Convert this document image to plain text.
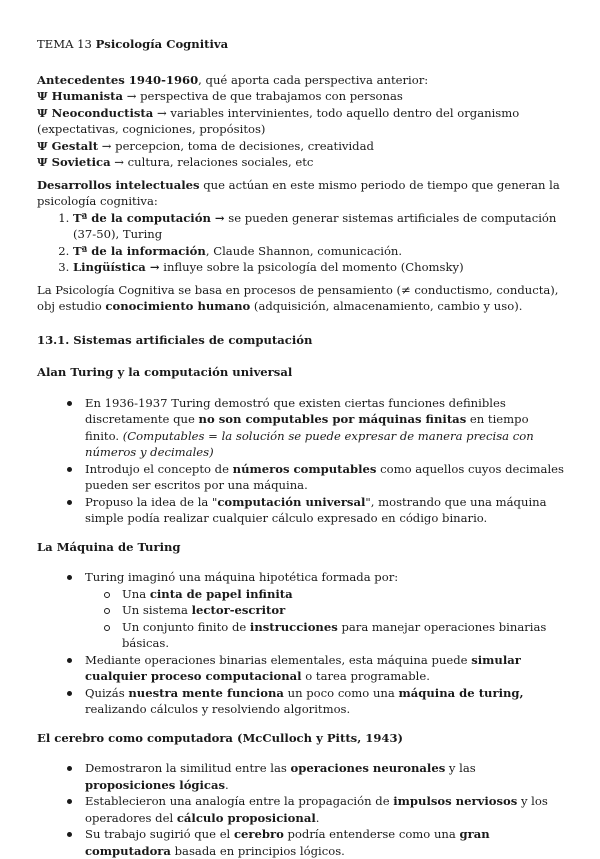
TEMA 13 Psicología Cognitiva

Antecedentes 1940-1960, qué aporta cada perspectiva anterior:

Ψ Humanista → perspectiva de que trabajamos con personas
Ψ Neoconductista → variables intervinientes, todo aquello dentro del organismo (expectativas, cogniciones, propósitos)
Ψ Gestalt → percepcion, toma de decisiones, creatividad
Ψ Sovietica → cultura, relaciones sociales, etc

Desarrollos intelectuales que actúan en este mismo periodo de tiempo que generan la psicología cognitiva:

1. Tª de la computación → se pueden generar sistemas artificiales de computación (37-50), Turing
2. Tª de la información, Claude Shannon, comunicación.
3. Lingüística → influye sobre la psicología del momento (Chomsky)

La Psicología Cognitiva se basa en procesos de pensamiento (≠ conductismo, conducta), obj estudio conocimiento humano (adquisición, almacenamiento, cambio y uso).

13.1. Sistemas artificiales de computación

Alan Turing y la computación universal

En 1936-1937 Turing demostró que existen ciertas funciones definibles discretamente que no son computables por máquinas finitas en tiempo finito. (Computables = la solución se puede expresar de manera precisa con números y decimales)
Introdujo el concepto de números computables como aquellos cuyos decimales pueden ser escritos por una máquina.
Propuso la idea de la "computación universal", mostrando que una máquina simple podía realizar cualquier cálculo expresado en código binario.

La Máquina de Turing

Turing imaginó una máquina hipotética formada por:
Una cinta de papel infinita
Un sistema lector-escritor
Un conjunto finito de instrucciones para manejar operaciones binarias básicas.
Mediante operaciones binarias elementales, esta máquina puede simular cualquier proceso computacional o tarea programable.
Quizás nuestra mente funciona un poco como una máquina de turing, realizando cálculos y resolviendo algoritmos.

El cerebro como computadora (McCulloch y Pitts, 1943)

Demostraron la similitud entre las operaciones neuronales y las proposiciones lógicas.
Establecieron una analogía entre la propagación de impulsos nerviosos y los operadores del cálculo proposicional.
Su trabajo sugirió que el cerebro podría entenderse como una gran computadora basada en principios lógicos.
